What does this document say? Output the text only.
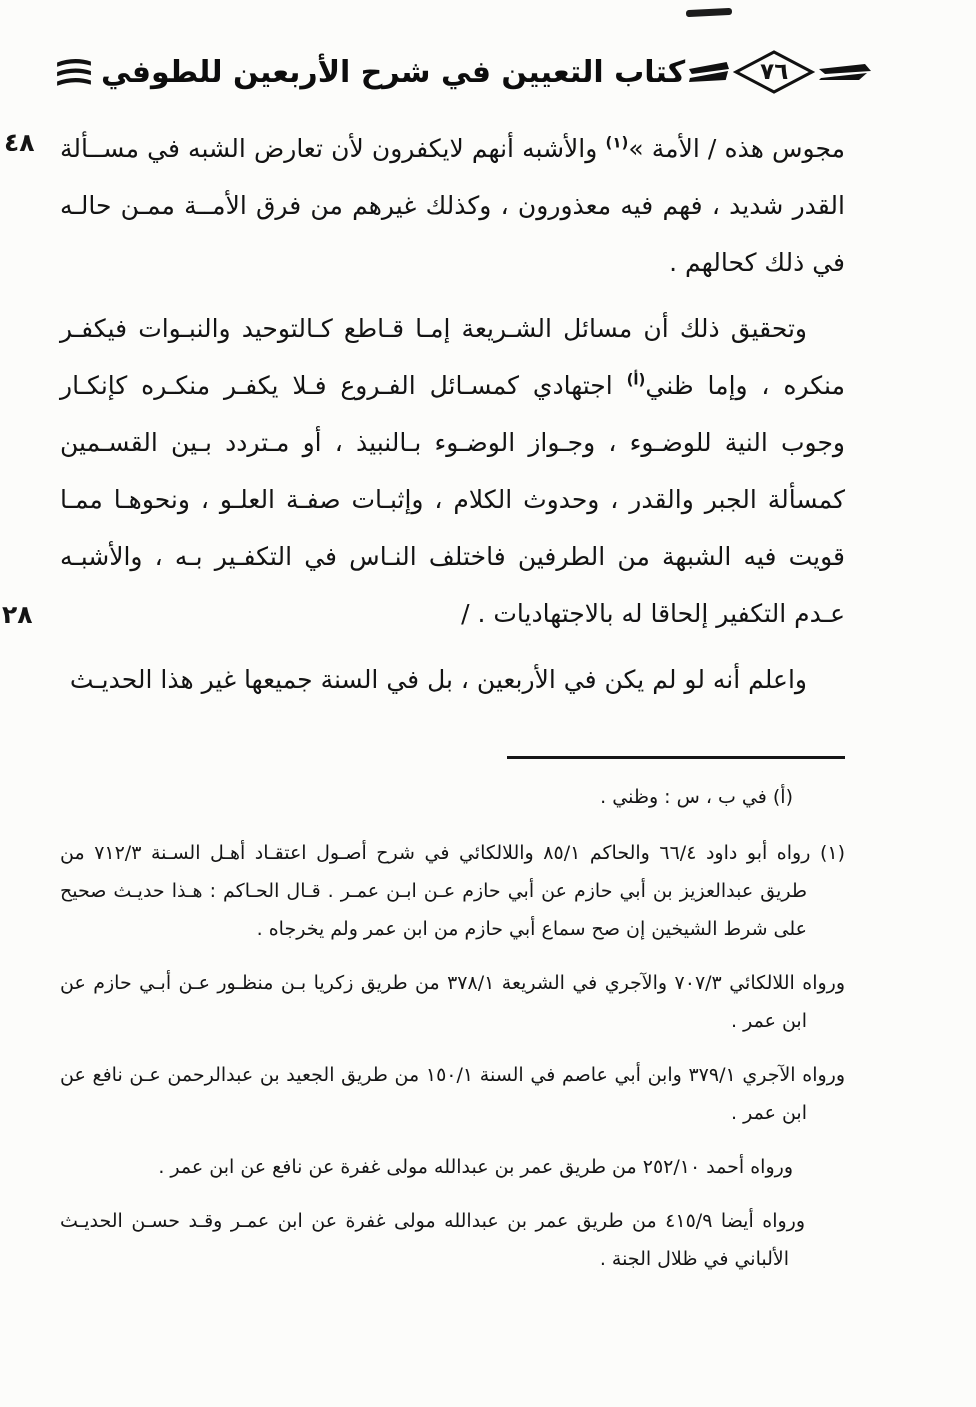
٤٨
٢٨
كتاب التعيين في شرح الأربعين للطوفي	٧٦

مجوس هذه / الأمة »$^{(١)}$ والأشبه أنهم لايكفرون لأن تعارض الشبه في مســألة القدر شديد ، فهم فيه معذورون ، وكذلك غيرهم من فرق الأمــة ممـن حالـه في ذلك كحالهم .

وتحقيق ذلك أن مسائل الشـريعة إمـا قـاطع كـالتوحيد والنبـوات فيكفـر منكره ، وإما ظني$^{(أ)}$ اجتهادي كمسـائل الفـروع فـلا يكفـر منكـره كإنكـار وجوب النية للوضـوء ، وجـواز الوضـوء بـالنبيذ ، أو مـتردد بـين القسـمين كمسألة الجبر والقدر ، وحدوث الكلام ، وإثبـات صفـة العلـو ، ونحوهـا ممـا قويت فيه الشبهة من الطرفين فاختلف النـاس في التكفـير بـه ، والأشبـه عـدم التكفير إلحاقا له بالاجتهاديات . /

واعلم أنه لو لم يكن في الأربعين ، بل في السنة جميعها غير هذا الحديـث

(أ) في ب ، س : وظني .

(١) رواه أبو داود ٦٦/٤ والحاكم ٨٥/١ واللالكائي في شرح أصـول اعتقـاد أهـل السـنة ٧١٢/٣ من طريق عبدالعزيز بن أبي حازم عن أبي حازم عـن ابـن عمـر . قـال الحـاكم : هـذا حديـث صحيح على شرط الشيخين إن صح سماع أبي حازم من ابن عمر ولم يخرجاه .

ورواه اللالكائي ٧٠٧/٣ والآجري في الشريعة ٣٧٨/١ من طريق زكريا بـن منظـور عـن أبـي حازم عن ابن عمر .

ورواه الآجري ٣٧٩/١ وابن أبي عاصم في السنة ١٥٠/١ من طريق الجعيد بن عبدالرحمن عـن نافع عن ابن عمر .

ورواه أحمد ٢٥٢/١٠ من طريق عمر بن عبدالله مولى غفرة عن نافع عن ابن عمر .

ورواه أيضا ٤١٥/٩ من طريق عمر بن عبدالله مولى غفرة عن ابن عمـر وقـد حسـن الحديـث الألباني في ظلال الجنة .
